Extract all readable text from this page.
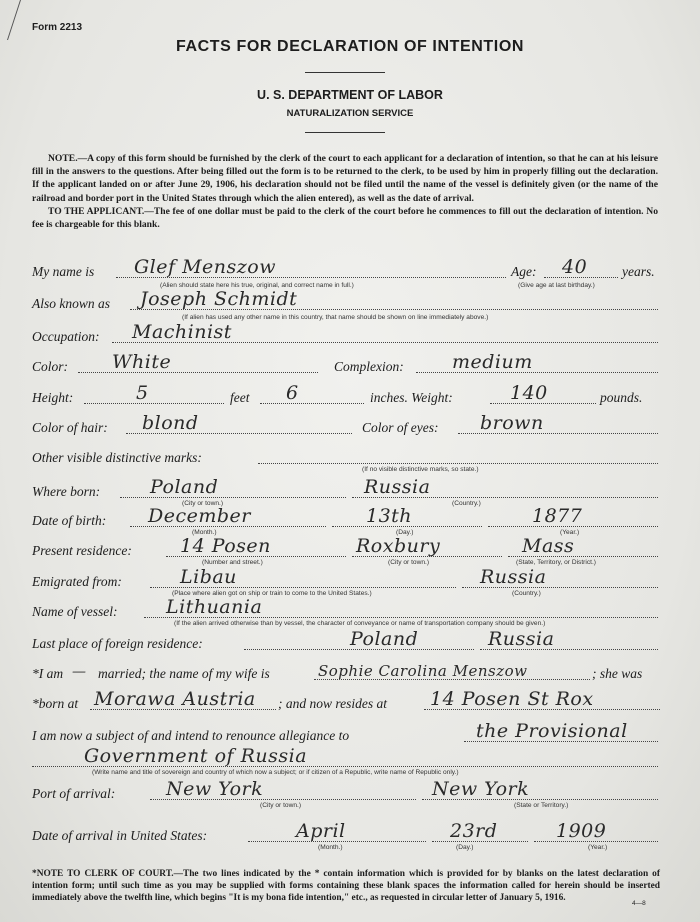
Form 2213
FACTS FOR DECLARATION OF INTENTION
U. S. DEPARTMENT OF LABOR
NATURALIZATION SERVICE
NOTE.—A copy of this form should be furnished by the clerk of the court to each applicant for a declaration of intention, so that he can at his leisure fill in the answers to the questions. After being filled out the form is to be returned to the clerk, to be used by him in properly filling out the declaration. If the applicant landed on or after June 29, 1906, his declaration should not be filed until the name of the vessel is definitely given (or the name of the railroad and border port in the United States through which the alien entered), as well as the date of arrival.
TO THE APPLICANT.—The fee of one dollar must be paid to the clerk of the court before he commences to fill out the declaration of intention. No fee is chargeable for this blank.
My name is Glef Menszow	Age: 40	years.
(Alien should state here his true, original, and correct name in full.)	(Give age at last birthday.)
Also known as Joseph Schmidt
(If alien has used any other name in this country, that name should be shown on line immediately above.)
Occupation: Machinist
Color: White	Complexion:	medium
Height:	5	feet 6	inches. Weight:	140	pounds.
Color of hair: blond	Color of eyes: brown
Other visible distinctive marks:
(If no visible distinctive marks, so state.)
Where born:	Poland	Russia
(City or town.)	(Country.)
Date of birth: December	13th	1877
(Month.)	(Day.)	(Year.)
Present residence:	14 Posen	Roxbury	Mass
(Number and street.)	(City or town.)	(State, Territory, or District.)
Emigrated from:	Libau	Russia
(Place where alien got on ship or train to come to the United States.)	(Country.)
Name of vessel:	Lithuania
(If the alien arrived otherwise than by vessel, the character of conveyance or name of transportation company should be given.)
Last place of foreign residence:	Poland	Russia
*I am — married; the name of my wife is	Sophie Carolina Menszow	; she was
*born at Morawa Austria ; and now resides at 14 Posen St Rox
I am now a subject of and intend to renounce allegiance to	the Provisional
Government of Russia
(Write name and title of sovereign and country of which now a subject; or if citizen of a Republic, write name of Republic only.)
Port of arrival:	New York	New York
(City or town.)	(State or Territory.)
Date of arrival in United States:	April	23rd	1909
(Month.)	(Day.)	(Year.)
*NOTE TO CLERK OF COURT.—The two lines indicated by the * contain information which is provided for by blanks on the latest declaration of intention form; until such time as you may be supplied with forms containing these blank spaces the information called for herein should be inserted immediately above the twelfth line, which begins "It is my bona fide intention," etc., as requested in circular letter of January 5, 1916.
4—8
